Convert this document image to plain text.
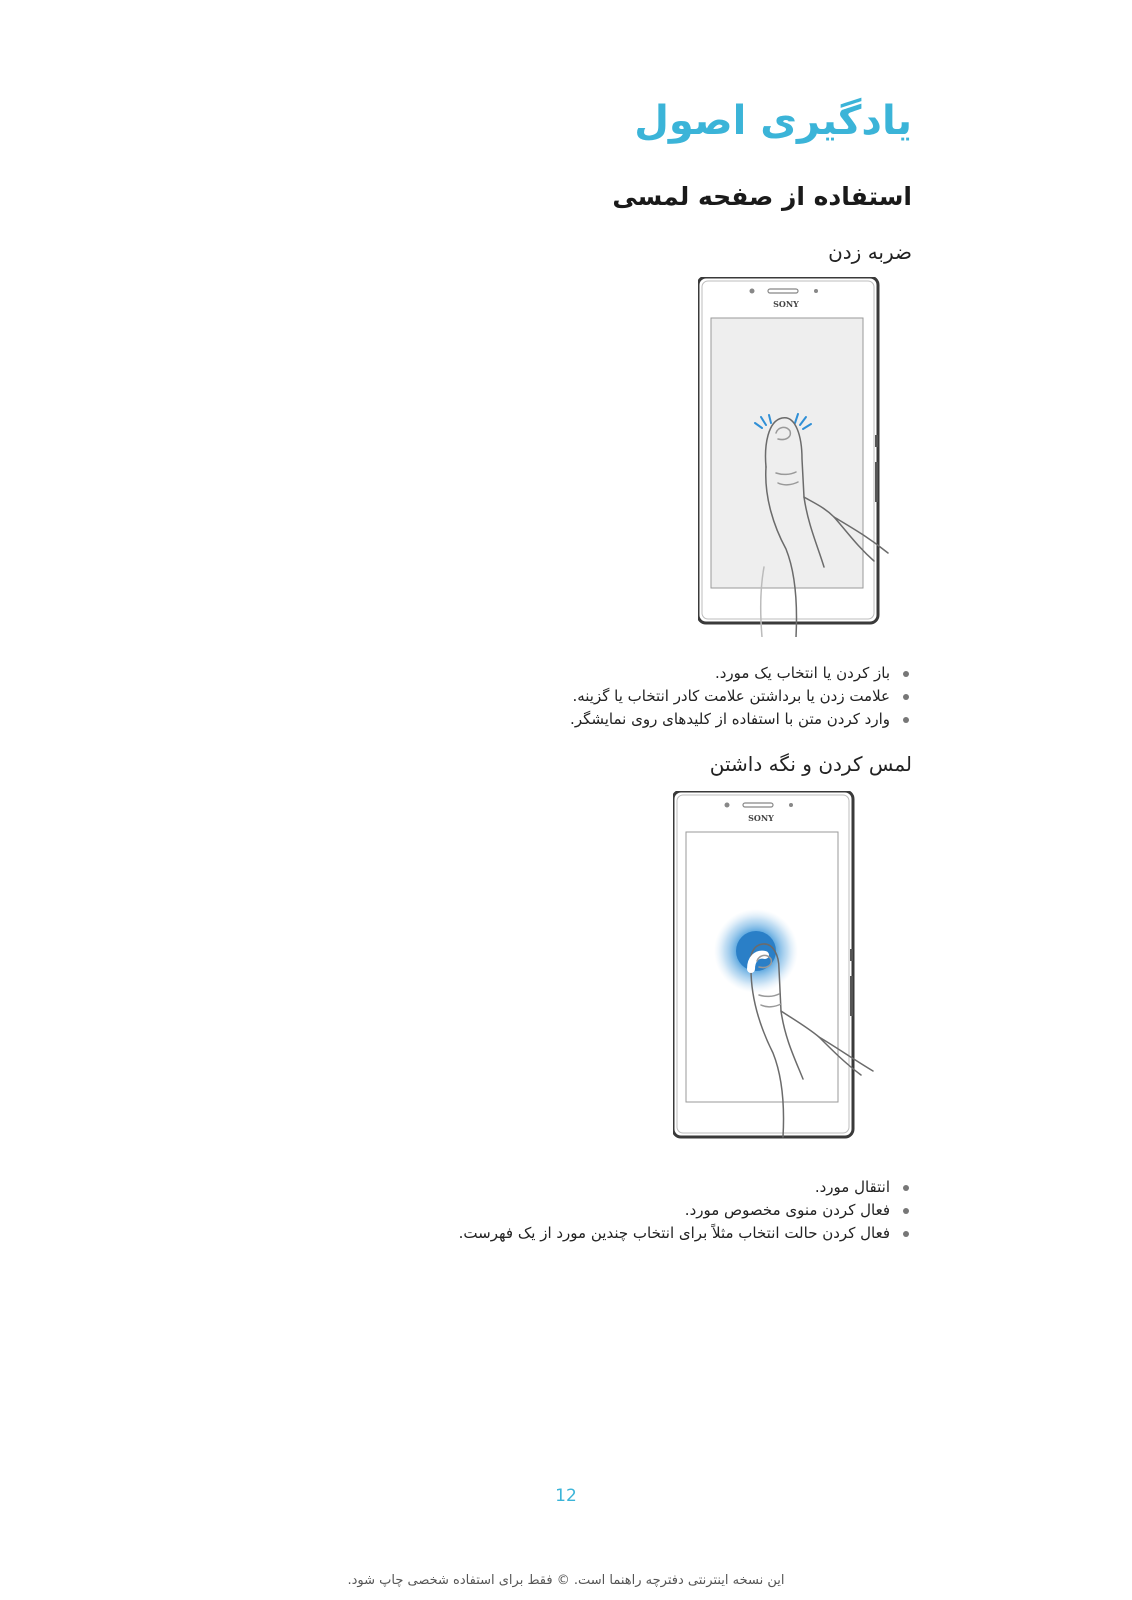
یادگیری اصول
استفاده از صفحه لمسی

ضربه زدن

SONY
باز کردن یا انتخاب یک مورد.
علامت زدن یا برداشتن علامت کادر انتخاب یا گزینه.
وارد کردن متن با استفاده از کلیدهای روی نمایشگر.

لمس کردن و نگه داشتن

SONY
انتقال مورد.
فعال کردن منوی مخصوص مورد.
فعال کردن حالت انتخاب مثلاً برای انتخاب چندین مورد از یک فهرست.
12
این نسخه اینترنتی دفترچه راهنما است. © فقط برای استفاده شخصی چاپ شود.
